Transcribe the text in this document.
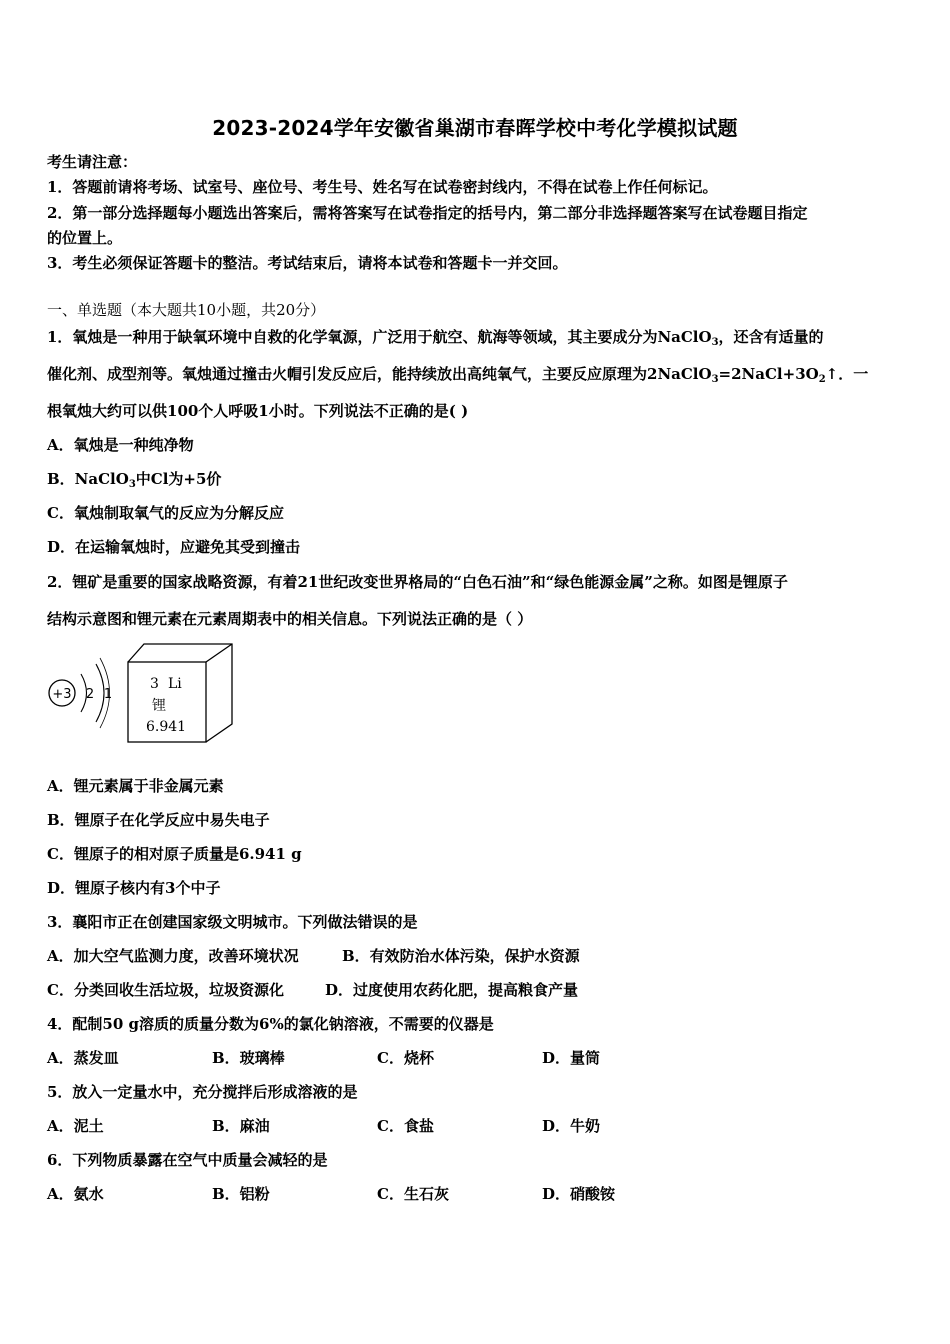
2023-2024学年安徽省巢湖市春晖学校中考化学模拟试题
考生请注意：
1．答题前请将考场、试室号、座位号、考生号、姓名写在试卷密封线内，不得在试卷上作任何标记。
2．第一部分选择题每小题选出答案后，需将答案写在试卷指定的括号内，第二部分非选择题答案写在试卷题目指定
的位置上。
3．考生必须保证答题卡的整洁。考试结束后，请将本试卷和答题卡一并交回。
一、单选题（本大题共10小题，共20分）
1．氧烛是一种用于缺氧环境中自救的化学氧源，广泛用于航空、航海等领域，其主要成分为NaClO$_3$，还含有适量的
催化剂、成型剂等。氧烛通过撞击火帽引发反应后，能持续放出高纯氧气，主要反应原理为$2NaClO_3=2NaCl+3O_2↑$．一
根氧烛大约可以供100个人呼吸1小时。下列说法不正确的是( )
A．氧烛是一种纯净物
B．NaClO$_3$中Cl为+5价
C．氧烛制取氧气的反应为分解反应
D．在运输氧烛时，应避免其受到撞击
2．锂矿是重要的国家战略资源，有着21世纪改变世界格局的“白色石油”和“绿色能源金属”之称。如图是锂原子
结构示意图和锂元素在元素周期表中的相关信息。下列说法正确的是（ ）
+3 2 1
3 Li
锂
6.941
A．锂元素属于非金属元素
B．锂原子在化学反应中易失电子
C．锂原子的相对原子质量是6.941 g
D．锂原子核内有3个中子
3．襄阳市正在创建国家级文明城市。下列做法错误的是
A．加大空气监测力度，改善环境状况	B．有效防治水体污染，保护水资源
C．分类回收生活垃圾，垃圾资源化	D．过度使用农药化肥，提高粮食产量
4．配制50 g溶质的质量分数为6%的氯化钠溶液，不需要的仪器是
A．蒸发皿	B．玻璃棒	C．烧杯	D．量筒
5．放入一定量水中，充分搅拌后形成溶液的是
A．泥土	B．麻油	C．食盐	D．牛奶
6．下列物质暴露在空气中质量会减轻的是
A．氨水	B．铝粉	C．生石灰	D．硝酸铵
